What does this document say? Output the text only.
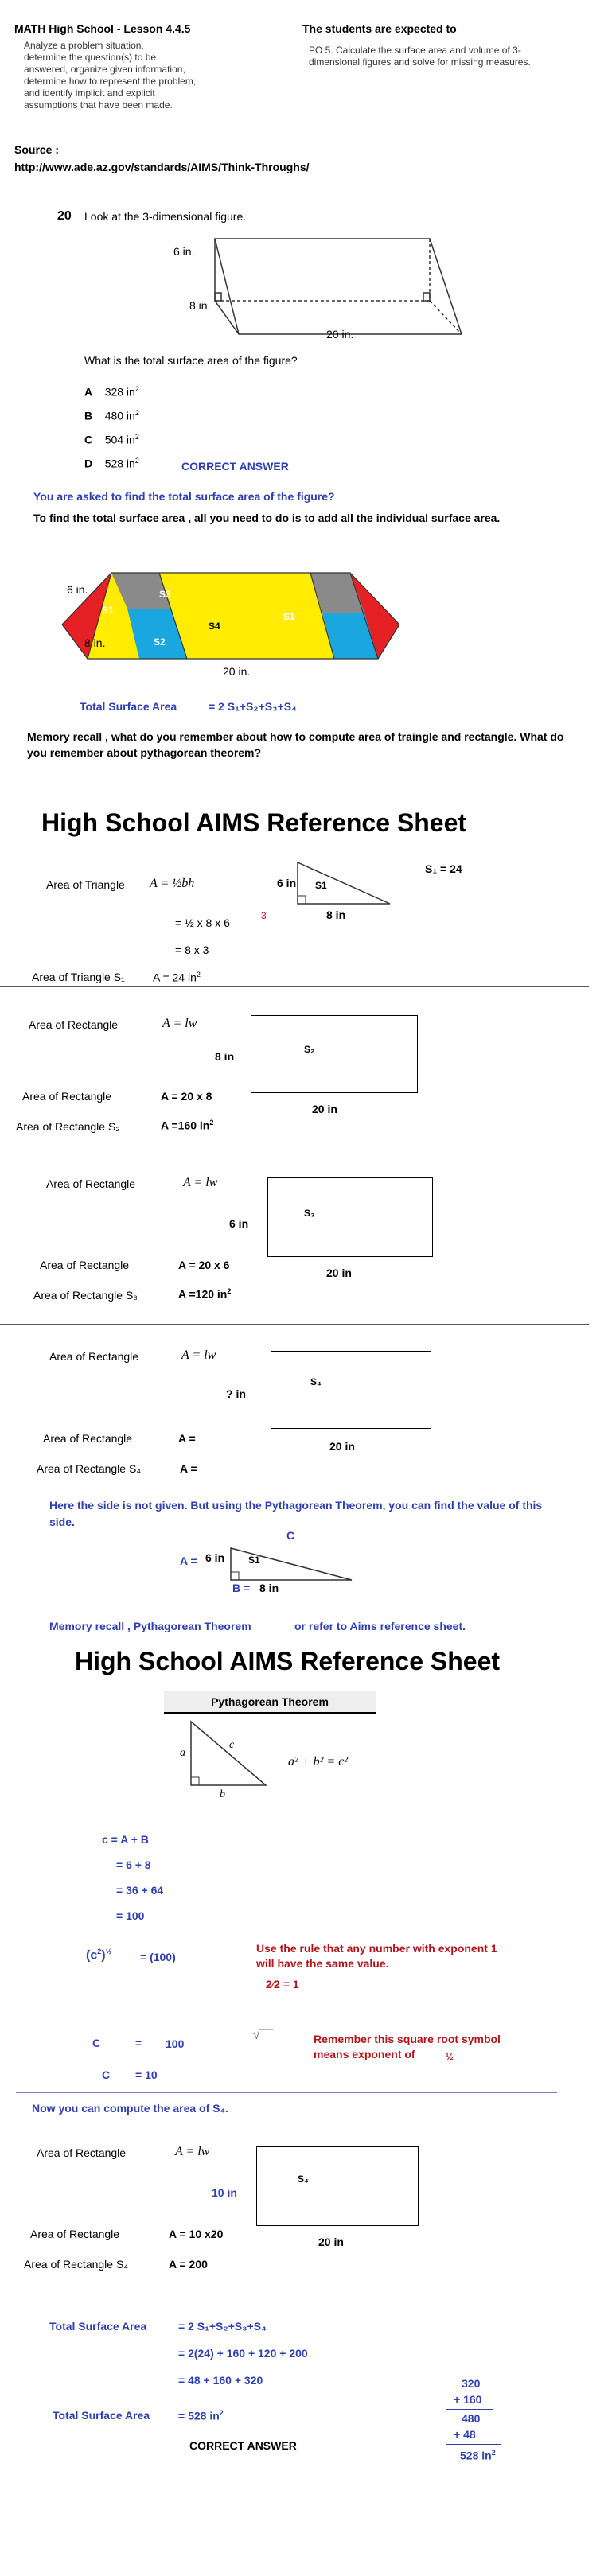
MATH High School - Lesson 4.4.5
Analyze a problem situation,
determine the question(s) to be
answered, organize given information,
determine how to represent the problem,
and identify implicit and explicit
assumptions that have been made.
The students are expected to
PO 5. Calculate the surface area and volume of 3-dimensional figures and solve for missing measures.
Source :
http://www.ade.az.gov/standards/AIMS/Think-Throughs/
20 Look at the 3-dimensional figure.
6 in.
8 in.
20 in.
What is the total surface area of the figure?
A 328 $in^2$
B 480 $in^2$
C 504 $in^2$
D 528 $in^2$	CORRECT ANSWER
You are asked to find the total surface area of the figure?
To find the total surface area , all you need to do is to add all the individual surface area.
6 in.
8 in.
20 in.
S1
S3
S2
S4
S1
Total Surface Area	= 2 S₁+S₂+S₃+S₄
Memory recall , what do you remember about how to compute area of traingle and rectangle. What do you remember about pythagorean theorem?
High School AIMS Reference Sheet
Area of Triangle A = ½bh
= ½ x 8 x 6
3
= 8 x 3
Area of Triangle S₁	A = 24 $in^2$
6 in
8 in
S1
S₁ = 24
Area of Rectangle	A = lw
8 in
S₂
20 in
Area of Rectangle	A = 20 x 8
Area of Rectangle S₂	A =160 $in^2$
Area of Rectangle	A = lw
6 in
S₃
20 in
Area of Rectangle	A = 20 x 6
Area of Rectangle S₃	A =120 $in^2$
Area of Rectangle	A = lw
? in
S₄
20 in
Area of Rectangle	A =
Area of Rectangle S₄	A =
Here the side is not given. But using the Pythagorean Theorem, you can find the value of this side.
A = 6 in
B = 8 in
C
S1
Memory recall , Pythagorean Theorem	or refer to Aims reference sheet.
High School AIMS Reference Sheet
Pythagorean Theorem
a
c
b
a² + b² = c²
c = A + B
= 6 + 8
= 36 + 64
= 100
$(c^2)^{\frac{1}{2}}$	= (100)
Use the rule that any number with exponent 1 will have the same value.
2⁄2 = 1
C	=	100
√‾‾‾	Remember this square root symbol means exponent of	½
C = 10
Now you can compute the area of S₄.
Area of Rectangle	A = lw
10 in
S₄
20 in
Area of Rectangle	A = 10 x20
Area of Rectangle S₄	A = 200
Total Surface Area	= 2 S₁+S₂+S₃+S₄
= 2(24) + 160 + 120 + 200
= 48 + 160 + 320
Total Surface Area	= 528 $in^2$
CORRECT ANSWER
320
+ 160
480
+ 48
528 $in^2$
